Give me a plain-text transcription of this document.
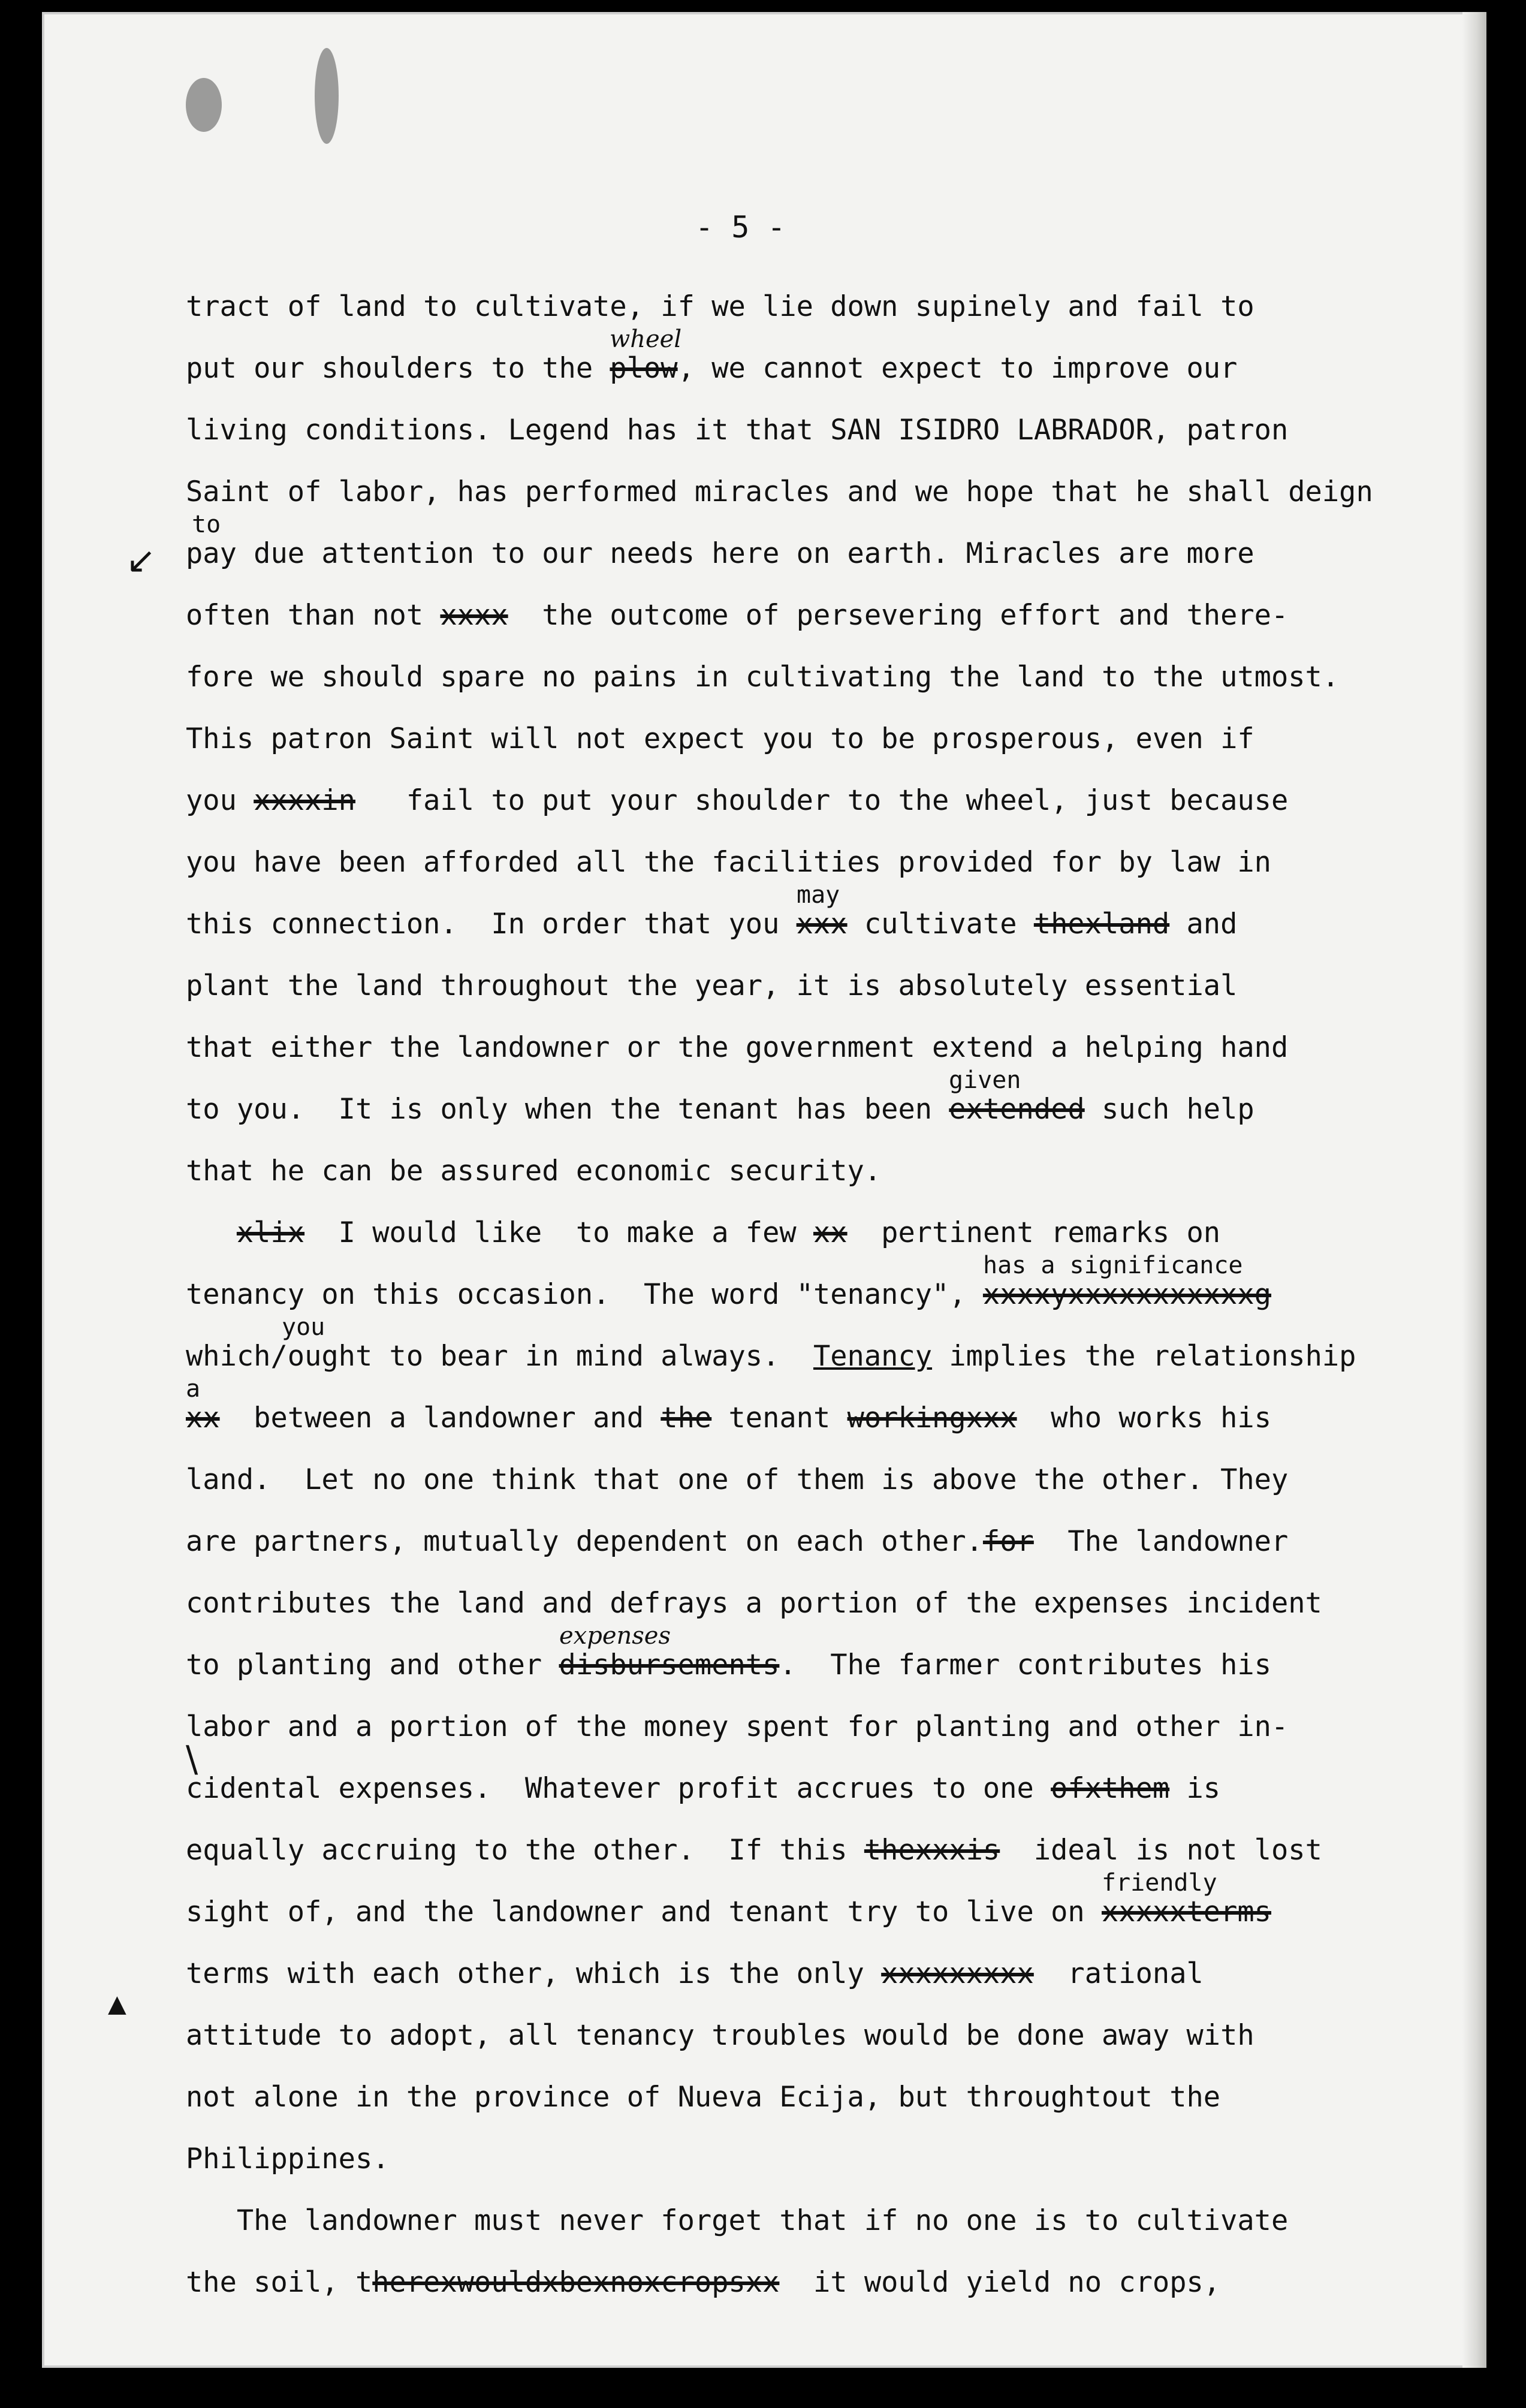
- 5 -
↙
\
▲
tract of land to cultivate, if we lie down supinely and fail to
put our shoulders to the plow, we cannot expect to improve our
wheel
living conditions. Legend has it that SAN ISIDRO LABRADOR, patron
Saint of labor, has performed miracles and we hope that he shall deign
pay due attention to our needs here on earth. Miracles are more
to
often than not xxxx  the outcome of persevering effort and there-
fore we should spare no pains in cultivating the land to the utmost.
This patron Saint will not expect you to be prosperous, even if
you xxxxin   fail to put your shoulder to the wheel, just because
you have been afforded all the facilities provided for by law in
this connection.  In order that you xxx cultivate thexland and
may
plant the land throughout the year, it is absolutely essential
that either the landowner or the government extend a helping hand
to you.  It is only when the tenant has been extended such help
given
that he can be assured economic security.
xlix  I would like  to make a few xx  pertinent remarks on
tenancy on this occasion.  The word "tenancy", xxxxyxxxxxxxxxxxg
has a significance
which/ought to bear in mind always.  Tenancy implies the relationship
you
xx  between a landowner and the tenant workingxxx  who works his
a
land.  Let no one think that one of them is above the other. They
are partners, mutually dependent on each other.for  The landowner
contributes the land and defrays a portion of the expenses incident
to planting and other disbursements.  The farmer contributes his
expenses
labor and a portion of the money spent for planting and other in-
cidental expenses.  Whatever profit accrues to one ofxthem is
equally accruing to the other.  If this thexxxis  ideal is not lost
sight of, and the landowner and tenant try to live on xxxxxterms
friendly
terms with each other, which is the only xxxxxxxxx  rational
attitude to adopt, all tenancy troubles would be done away with
not alone in the province of Nueva Ecija, but throughtout the
Philippines.
The landowner must never forget that if no one is to cultivate
the soil, therexwouldxbexnoxcropsxx  it would yield no crops,
